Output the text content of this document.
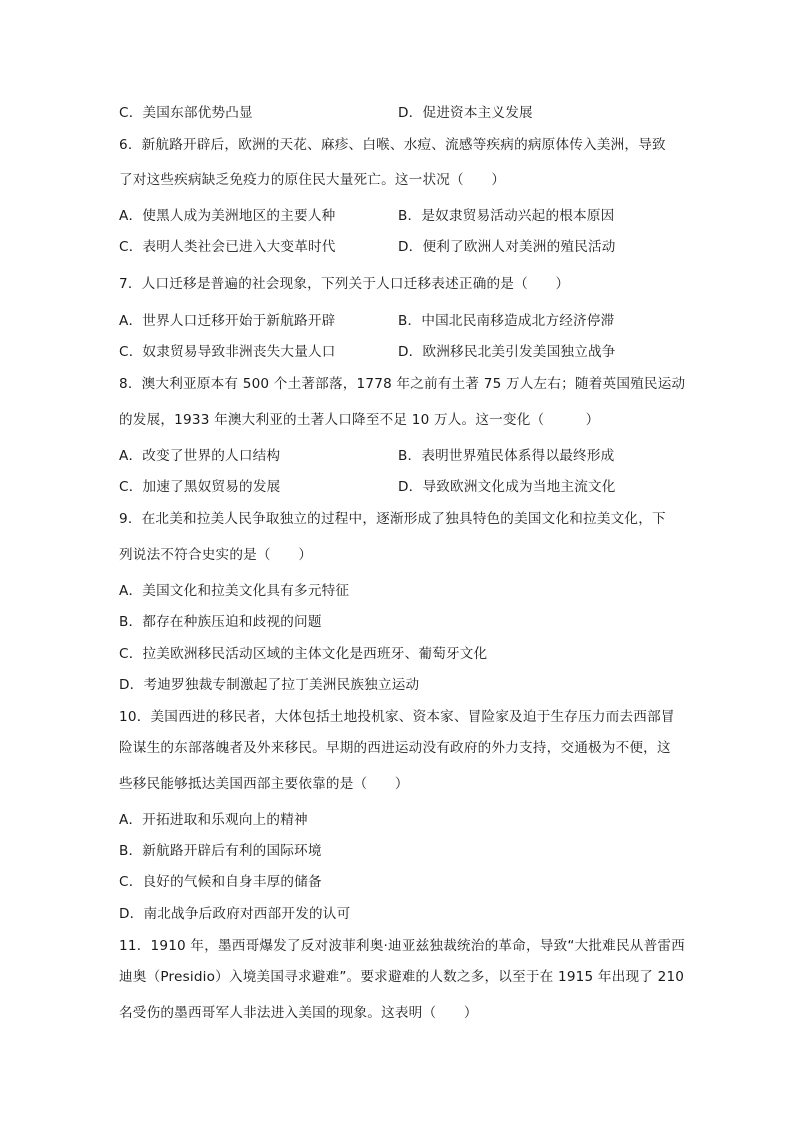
C．美国东部优势凸显	D．促进资本主义发展
6．新航路开辟后，欧洲的天花、麻疹、白喉、水痘、流感等疾病的病原体传入美洲，导致
了对这些疾病缺乏免疫力的原住民大量死亡。这一状况（　　）
A．使黑人成为美洲地区的主要人种	B．是奴隶贸易活动兴起的根本原因
C．表明人类社会已进入大变革时代	D．便利了欧洲人对美洲的殖民活动
7．人口迁移是普遍的社会现象，下列关于人口迁移表述正确的是（　　）
A．世界人口迁移开始于新航路开辟	B．中国北民南移造成北方经济停滞
C．奴隶贸易导致非洲丧失大量人口	D．欧洲移民北美引发美国独立战争
8．澳大利亚原本有 500 个土著部落，1778 年之前有土著 75 万人左右；随着英国殖民运动
的发展，1933 年澳大利亚的土著人口降至不足 10 万人。这一变化（　　　）
A．改变了世界的人口结构	B．表明世界殖民体系得以最终形成
C．加速了黑奴贸易的发展	D．导致欧洲文化成为当地主流文化
9．在北美和拉美人民争取独立的过程中，逐渐形成了独具特色的美国文化和拉美文化，下
列说法不符合史实的是（　　）
A．美国文化和拉美文化具有多元特征
B．都存在种族压迫和歧视的问题
C．拉美欧洲移民活动区域的主体文化是西班牙、葡萄牙文化
D．考迪罗独裁专制激起了拉丁美洲民族独立运动
10．美国西进的移民者，大体包括土地投机家、资本家、冒险家及迫于生存压力而去西部冒
险谋生的东部落魄者及外来移民。早期的西进运动没有政府的外力支持，交通极为不便，这
些移民能够抵达美国西部主要依靠的是（　　）
A．开拓进取和乐观向上的精神
B．新航路开辟后有利的国际环境
C．良好的气候和自身丰厚的储备
D．南北战争后政府对西部开发的认可
11．1910 年，墨西哥爆发了反对波菲利奥·迪亚兹独裁统治的革命，导致“大批难民从普雷西
迪奥（Presidio）入境美国寻求避难”。要求避难的人数之多，以至于在 1915 年出现了 210
名受伤的墨西哥军人非法进入美国的现象。这表明（　　）
